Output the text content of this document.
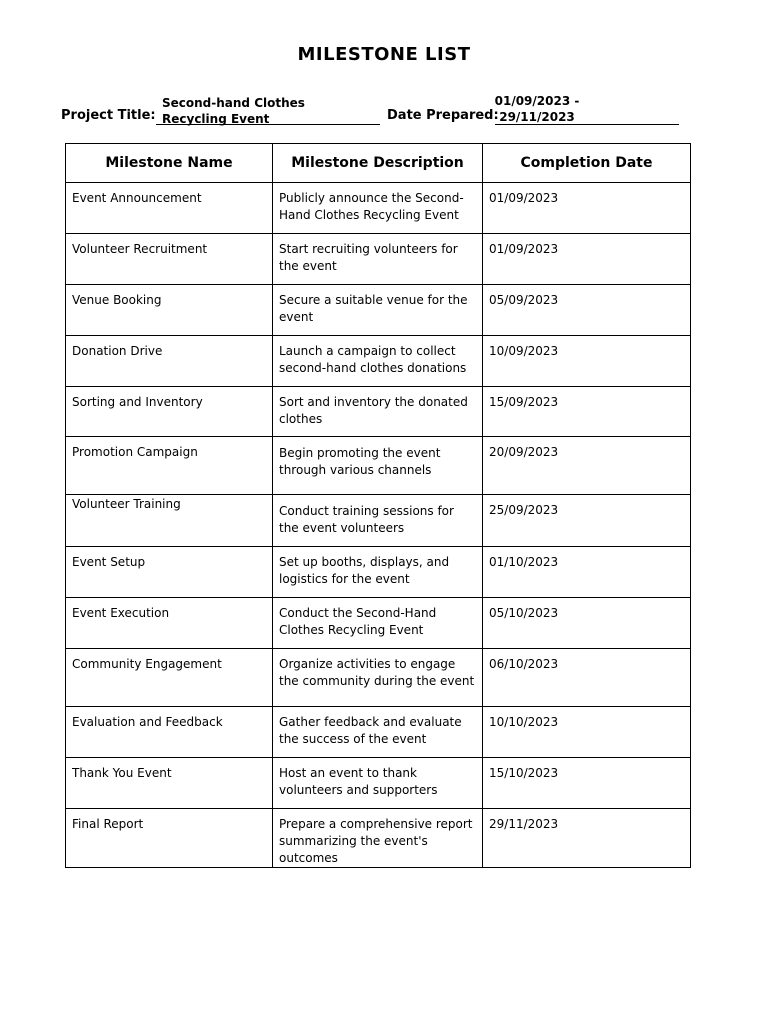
MILESTONE LIST
Project Title:
Second-hand Clothes Recycling Event	Date Prepared:
01/09/2023 - 29/11/2023
Milestone Name	Milestone Description	Completion Date
Event Announcement	Publicly announce the Second-Hand Clothes Recycling Event	01/09/2023
Volunteer Recruitment	Start recruiting volunteers for the event	01/09/2023
Venue Booking	Secure a suitable venue for the event	05/09/2023
Donation Drive	Launch a campaign to collect second-hand clothes donations	10/09/2023
Sorting and Inventory	Sort and inventory the donated clothes	15/09/2023
Promotion Campaign	Begin promoting the event through various channels	20/09/2023
Volunteer Training	Conduct training sessions for the event volunteers	25/09/2023
Event Setup	Set up booths, displays, and logistics for the event	01/10/2023
Event Execution	Conduct the Second-Hand Clothes Recycling Event	05/10/2023
Community Engagement	Organize activities to engage the community during the event	06/10/2023
Evaluation and Feedback	Gather feedback and evaluate the success of the event	10/10/2023
Thank You Event	Host an event to thank volunteers and supporters	15/10/2023
Final Report	Prepare a comprehensive report summarizing the event's outcomes	29/11/2023
